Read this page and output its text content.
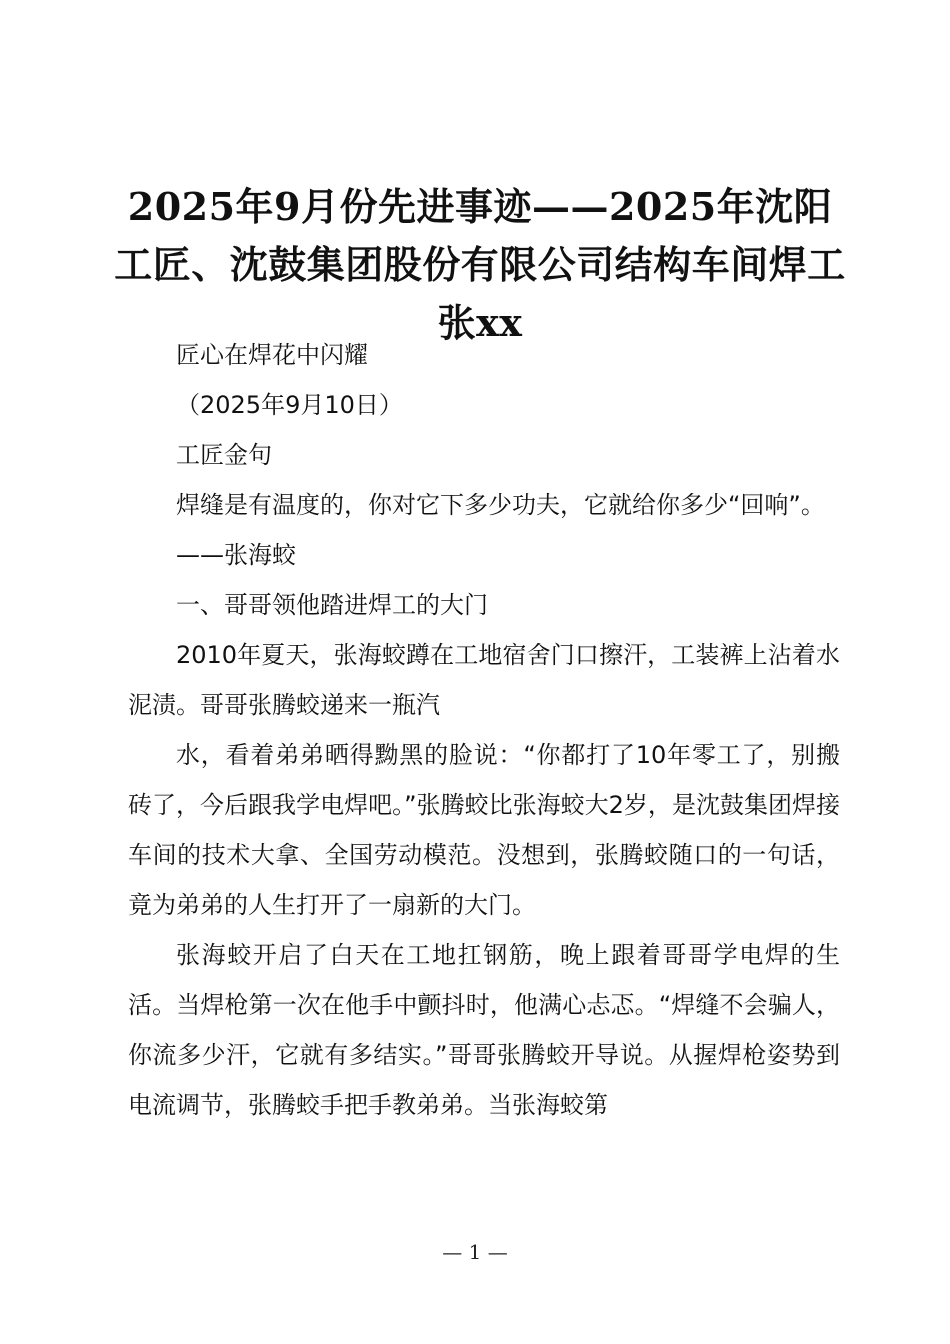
2025年9月份先进事迹——2025年沈阳工匠、沈鼓集团股份有限公司结构车间焊工张xx

匠心在焊花中闪耀

（2025年9月10日）

工匠金句

焊缝是有温度的，你对它下多少功夫，它就给你多少“回响”。

——张海蛟

一、哥哥领他踏进焊工的大门

2010年夏天，张海蛟蹲在工地宿舍门口擦汗，工装裤上沾着水泥渍。哥哥张腾蛟递来一瓶汽

水，看着弟弟晒得黝黑的脸说：“你都打了10年零工了，别搬砖了，今后跟我学电焊吧。”张腾蛟比张海蛟大2岁，是沈鼓集团焊接车间的技术大拿、全国劳动模范。没想到，张腾蛟随口的一句话，竟为弟弟的人生打开了一扇新的大门。

张海蛟开启了白天在工地扛钢筋，晚上跟着哥哥学电焊的生活。当焊枪第一次在他手中颤抖时，他满心忐忑。“焊缝不会骗人，你流多少汗，它就有多结实。”哥哥张腾蛟开导说。从握焊枪姿势到电流调节，张腾蛟手把手教弟弟。当张海蛟第

— 1 —
